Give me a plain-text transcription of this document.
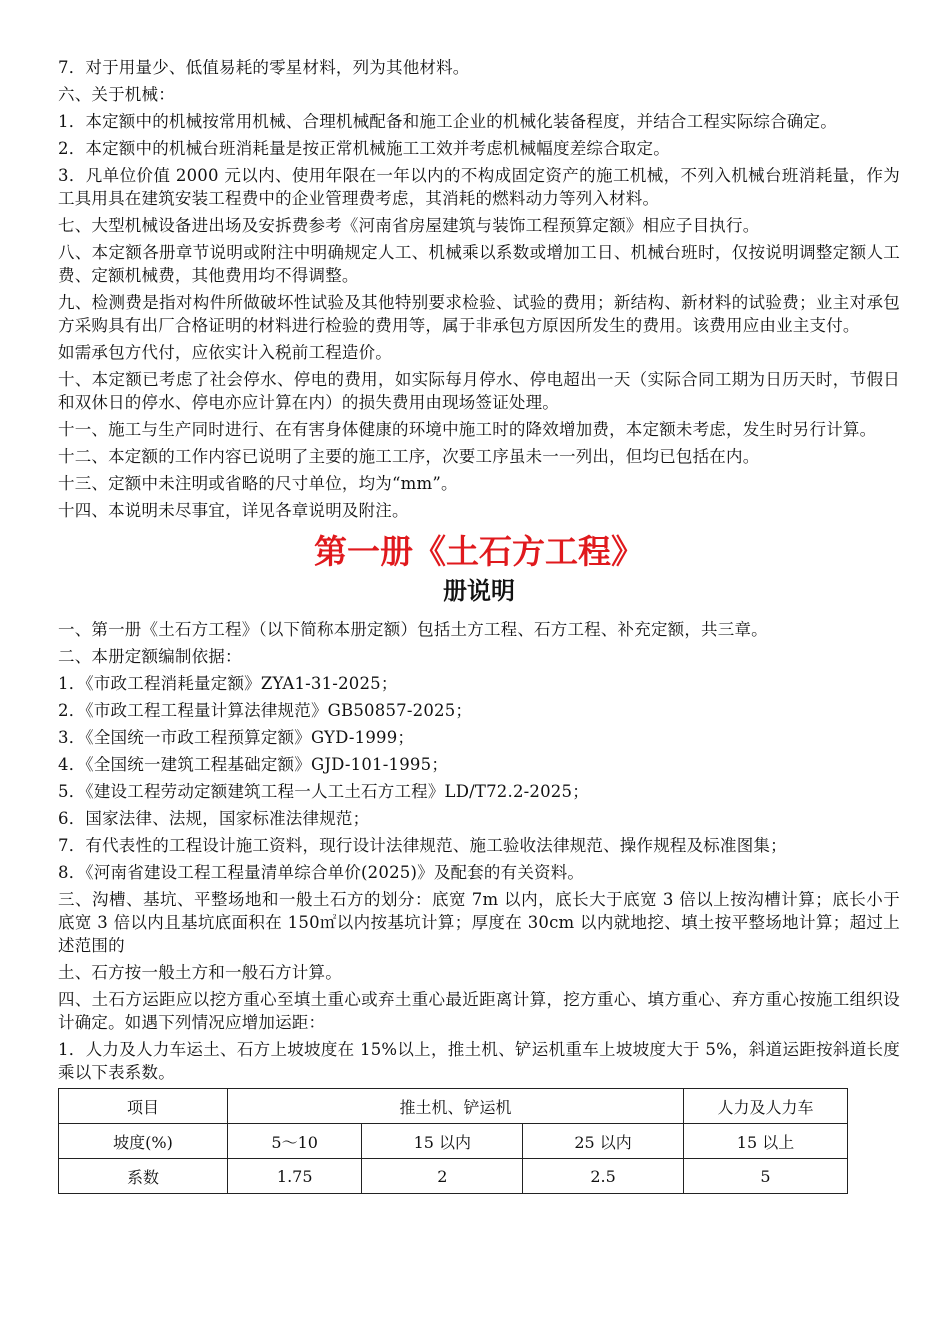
7．对于用量少、低值易耗的零星材料，列为其他材料。

六、关于机械：

1．本定额中的机械按常用机械、合理机械配备和施工企业的机械化装备程度，并结合工程实际综合确定。

2．本定额中的机械台班消耗量是按正常机械施工工效并考虑机械幅度差综合取定。

3．凡单位价值 2000 元以内、使用年限在一年以内的不构成固定资产的施工机械，不列入机械台班消耗量，作为工具用具在建筑安装工程费中的企业管理费考虑，其消耗的燃料动力等列入材料。

七、大型机械设备进出场及安拆费参考《河南省房屋建筑与装饰工程预算定额》相应子目执行。

八、本定额各册章节说明或附注中明确规定人工、机械乘以系数或增加工日、机械台班时，仅按说明调整定额人工费、定额机械费，其他费用均不得调整。

九、检测费是指对构件所做破坏性试验及其他特别要求检验、试验的费用；新结构、新材料的试验费；业主对承包方采购具有出厂合格证明的材料进行检验的费用等，属于非承包方原因所发生的费用。该费用应由业主支付。

如需承包方代付，应依实计入税前工程造价。

十、本定额已考虑了社会停水、停电的费用，如实际每月停水、停电超出一天（实际合同工期为日历天时，节假日和双休日的停水、停电亦应计算在内）的损失费用由现场签证处理。

十一、施工与生产同时进行、在有害身体健康的环境中施工时的降效增加费，本定额未考虑，发生时另行计算。

十二、本定额的工作内容已说明了主要的施工工序，次要工序虽未一一列出，但均已包括在内。

十三、定额中未注明或省略的尺寸单位，均为“mm”。

十四、本说明未尽事宜，详见各章说明及附注。

第一册《土石方工程》
册说明

一、第一册《土石方工程》（以下简称本册定额）包括土方工程、石方工程、补充定额，共三章。

二、本册定额编制依据：

1．《市政工程消耗量定额》ZYA1-31-2025；

2．《市政工程工程量计算法律规范》GB50857-2025；

3．《全国统一市政工程预算定额》GYD-1999；

4．《全国统一建筑工程基础定额》GJD-101-1995；

5．《建设工程劳动定额建筑工程一人工土石方工程》LD/T72.2-2025；

6．国家法律、法规，国家标准法律规范；

7．有代表性的工程设计施工资料，现行设计法律规范、施工验收法律规范、操作规程及标准图集；

8．《河南省建设工程工程量清单综合单价(2025)》及配套的有关资料。

三、沟槽、基坑、平整场地和一般土石方的划分：底宽 7m 以内，底长大于底宽 3 倍以上按沟槽计算；底长小于底宽 3 倍以内且基坑底面积在 150㎡以内按基坑计算；厚度在 30cm 以内就地挖、填土按平整场地计算；超过上述范围的

土、石方按一般土方和一般石方计算。

四、土石方运距应以挖方重心至填土重心或弃土重心最近距离计算，挖方重心、填方重心、弃方重心按施工组织设计确定。如遇下列情况应增加运距：

1．人力及人力车运土、石方上坡坡度在 15%以上，推土机、铲运机重车上坡坡度大于 5%，斜道运距按斜道长度乘以下表系数。

项目	推土机、铲运机			人力及人力车
坡度(%)	5～10	15 以内	25 以内	15 以上
系数	1.75	2	2.5	5
